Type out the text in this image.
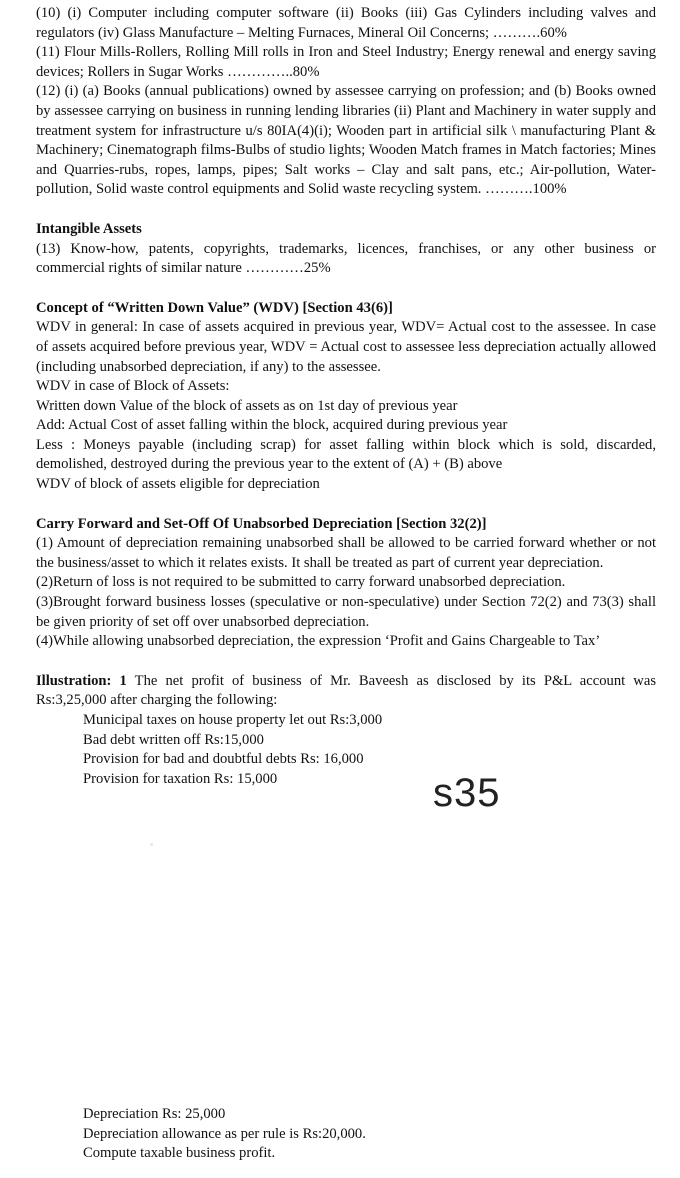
(10) (i) Computer including computer software (ii) Books (iii) Gas Cylinders including valves and regulators (iv) Glass Manufacture – Melting Furnaces, Mineral Oil Concerns; ……….60%

(11) Flour Mills-Rollers, Rolling Mill rolls in Iron and Steel Industry; Energy renewal and energy saving devices; Rollers in Sugar Works …………..80%

(12) (i) (a) Books (annual publications) owned by assessee carrying on profession; and (b) Books owned by assessee carrying on business in running lending libraries (ii) Plant and Machinery in water supply and treatment system for infrastructure u/s 80IA(4)(i); Wooden part in artificial silk \ manufacturing Plant & Machinery; Cinematograph films-Bulbs of studio lights; Wooden Match frames in Match factories; Mines and Quarries-rubs, ropes, lamps, pipes; Salt works – Clay and salt pans, etc.; Air-pollution, Water-pollution, Solid waste control equipments and Solid waste recycling system. ……….100%

Intangible Assets

(13) Know-how, patents, copyrights, trademarks, licences, franchises, or any other business or commercial rights of similar nature …………25%

Concept of “Written Down Value” (WDV) [Section 43(6)]

WDV in general: In case of assets acquired in previous year, WDV= Actual cost to the assessee. In case of assets acquired before previous year, WDV = Actual cost to assessee less depreciation actually allowed (including unabsorbed depreciation, if any) to the assessee.

WDV in case of Block of Assets:

Written down Value of the block of assets as on 1st day of previous year

Add: Actual Cost of asset falling within the block, acquired during previous year

Less : Moneys payable (including scrap) for asset falling within block which is sold, discarded, demolished, destroyed during the previous year to the extent of (A) + (B) above

WDV of block of assets eligible for depreciation

Carry Forward and Set-Off Of Unabsorbed Depreciation [Section 32(2)]

(1) Amount of depreciation remaining unabsorbed shall be allowed to be carried forward whether or not the business/asset to which it relates exists. It shall be treated as part of current year depreciation.

(2)Return of loss is not required to be submitted to carry forward unabsorbed depreciation.

(3)Brought forward business losses (speculative or non-speculative) under Section 72(2) and 73(3) shall be given priority of set off over unabsorbed depreciation.

(4)While allowing unabsorbed depreciation, the expression ‘Profit and Gains Chargeable to Tax’

Illustration: 1 The net profit of business of Mr. Baveesh as disclosed by its P&L account was Rs:3,25,000 after charging the following:

Municipal taxes on house property let out Rs:3,000

Bad debt written off Rs:15,000

Provision for bad and doubtful debts Rs: 16,000

Provision for taxation Rs: 15,000	s35

Depreciation Rs: 25,000

Depreciation allowance as per rule is Rs:20,000.

Compute taxable business profit.
